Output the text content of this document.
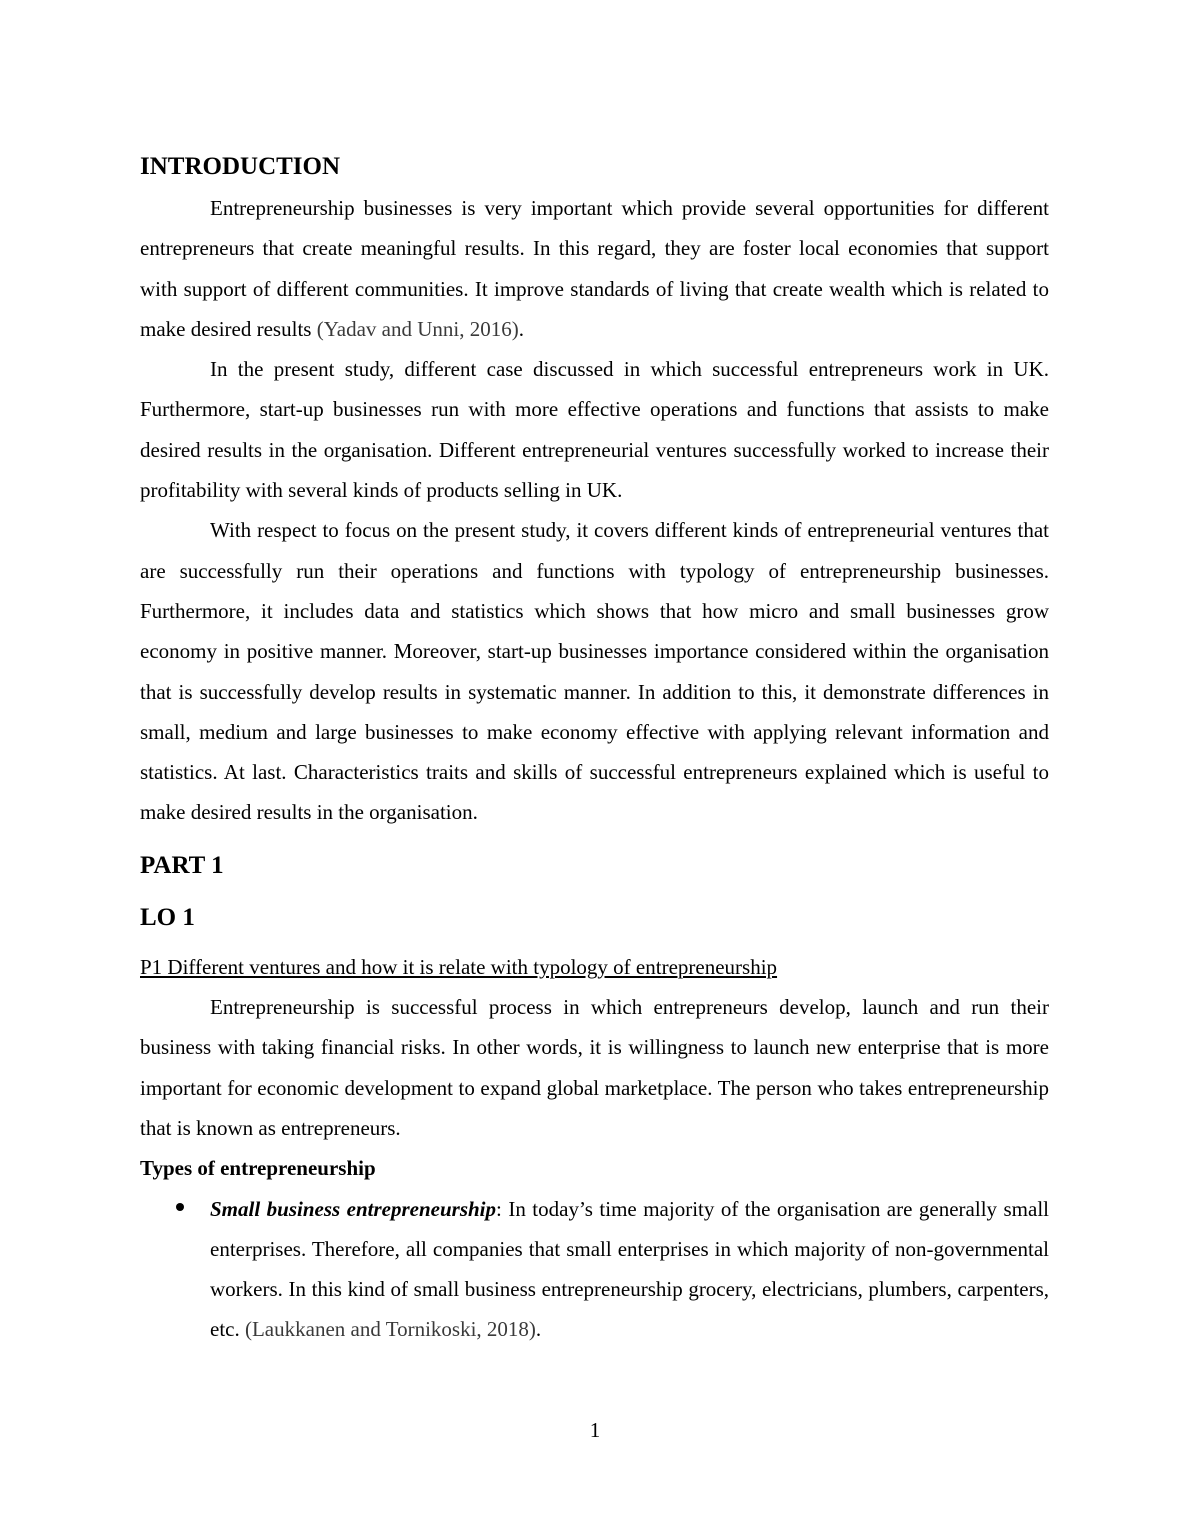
INTRODUCTION

Entrepreneurship businesses is very important which provide several opportunities for different entrepreneurs that create meaningful results. In this regard, they are foster local economies that support with support of different communities. It improve standards of living that create wealth which is related to make desired results (Yadav and Unni, 2016).

In the present study, different case discussed in which successful entrepreneurs work in UK. Furthermore, start-up businesses run with more effective operations and functions that assists to make desired results in the organisation. Different entrepreneurial ventures successfully worked to increase their profitability with several kinds of products selling in UK.

With respect to focus on the present study, it covers different kinds of entrepreneurial ventures that are successfully run their operations and functions with typology of entrepreneurship businesses. Furthermore, it includes data and statistics which shows that how micro and small businesses grow economy in positive manner. Moreover, start-up businesses importance considered within the organisation that is successfully develop results in systematic manner. In addition to this, it demonstrate differences in small, medium and large businesses to make economy effective with applying relevant information and statistics. At last. Characteristics traits and skills of successful entrepreneurs explained which is useful to make desired results in the organisation.

PART 1
LO 1
P1 Different ventures and how it is relate with typology of entrepreneurship

Entrepreneurship is successful process in which entrepreneurs develop, launch and run their business with taking financial risks. In other words, it is willingness to launch new enterprise that is more important for economic development to expand global marketplace. The person who takes entrepreneurship that is known as entrepreneurs.

Types of entrepreneurship
Small business entrepreneurship: In today’s time majority of the organisation are generally small enterprises. Therefore, all companies that small enterprises in which majority of non-governmental workers. In this kind of small business entrepreneurship grocery, electricians, plumbers, carpenters, etc. (Laukkanen and Tornikoski, 2018).
1
